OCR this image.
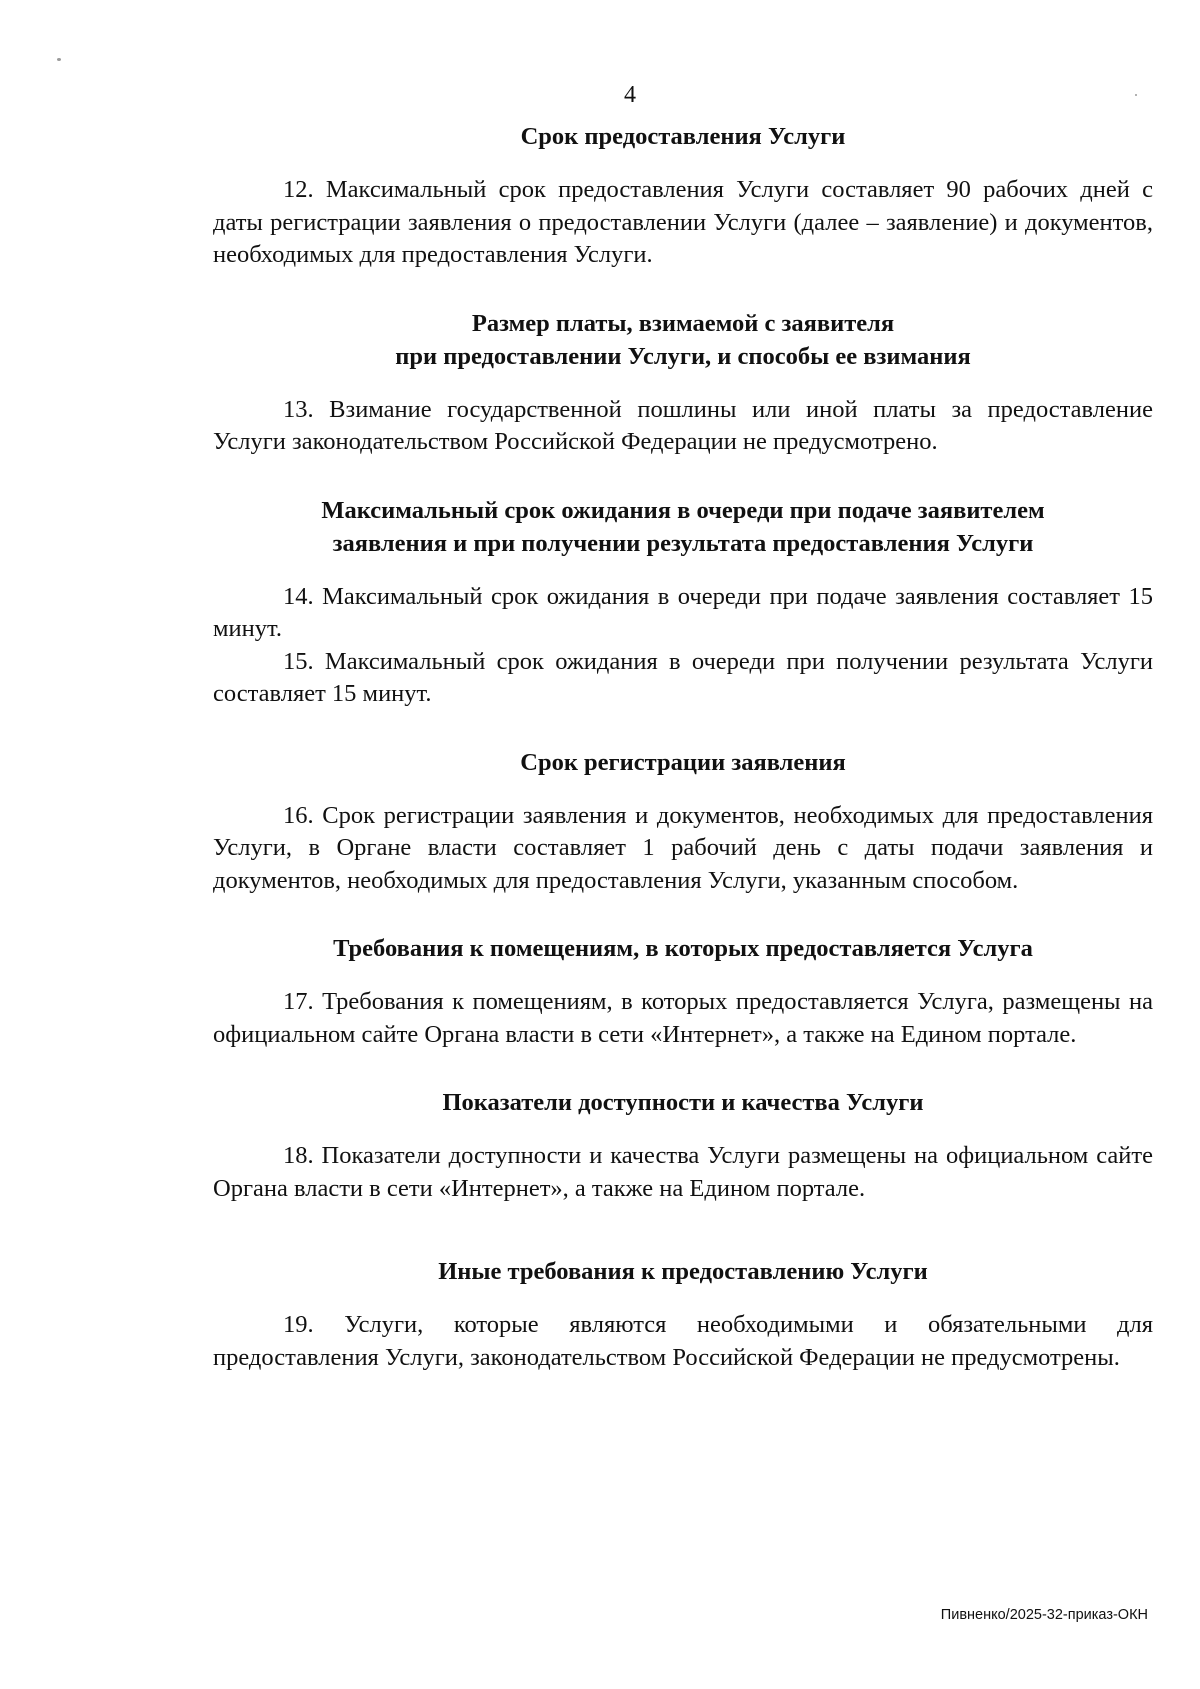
4
Срок предоставления Услуги

12. Максимальный срок предоставления Услуги составляет 90 рабочих дней с даты регистрации заявления о предоставлении Услуги (далее – заявление) и документов, необходимых для предоставления Услуги.

Размер платы, взимаемой с заявителя
при предоставлении Услуги, и способы ее взимания

13. Взимание государственной пошлины или иной платы за предоставление Услуги законодательством Российской Федерации не предусмотрено.

Максимальный срок ожидания в очереди при подаче заявителем
заявления и при получении результата предоставления Услуги

14. Максимальный срок ожидания в очереди при подаче заявления составляет 15 минут.

15. Максимальный срок ожидания в очереди при получении результата Услуги составляет 15 минут.

Срок регистрации заявления

16. Срок регистрации заявления и документов, необходимых для предоставления Услуги, в Органе власти составляет 1 рабочий день с даты подачи заявления и документов, необходимых для предоставления Услуги, указанным способом.

Требования к помещениям, в которых предоставляется Услуга

17. Требования к помещениям, в которых предоставляется Услуга, размещены на официальном сайте Органа власти в сети «Интернет», а также на Едином портале.

Показатели доступности и качества Услуги

18. Показатели доступности и качества Услуги размещены на официальном сайте Органа власти в сети «Интернет», а также на Едином портале.

Иные требования к предоставлению Услуги

19. Услуги, которые являются необходимыми и обязательными для предоставления Услуги, законодательством Российской Федерации не предусмотрены.

Пивненко/2025-32-приказ-ОКН
